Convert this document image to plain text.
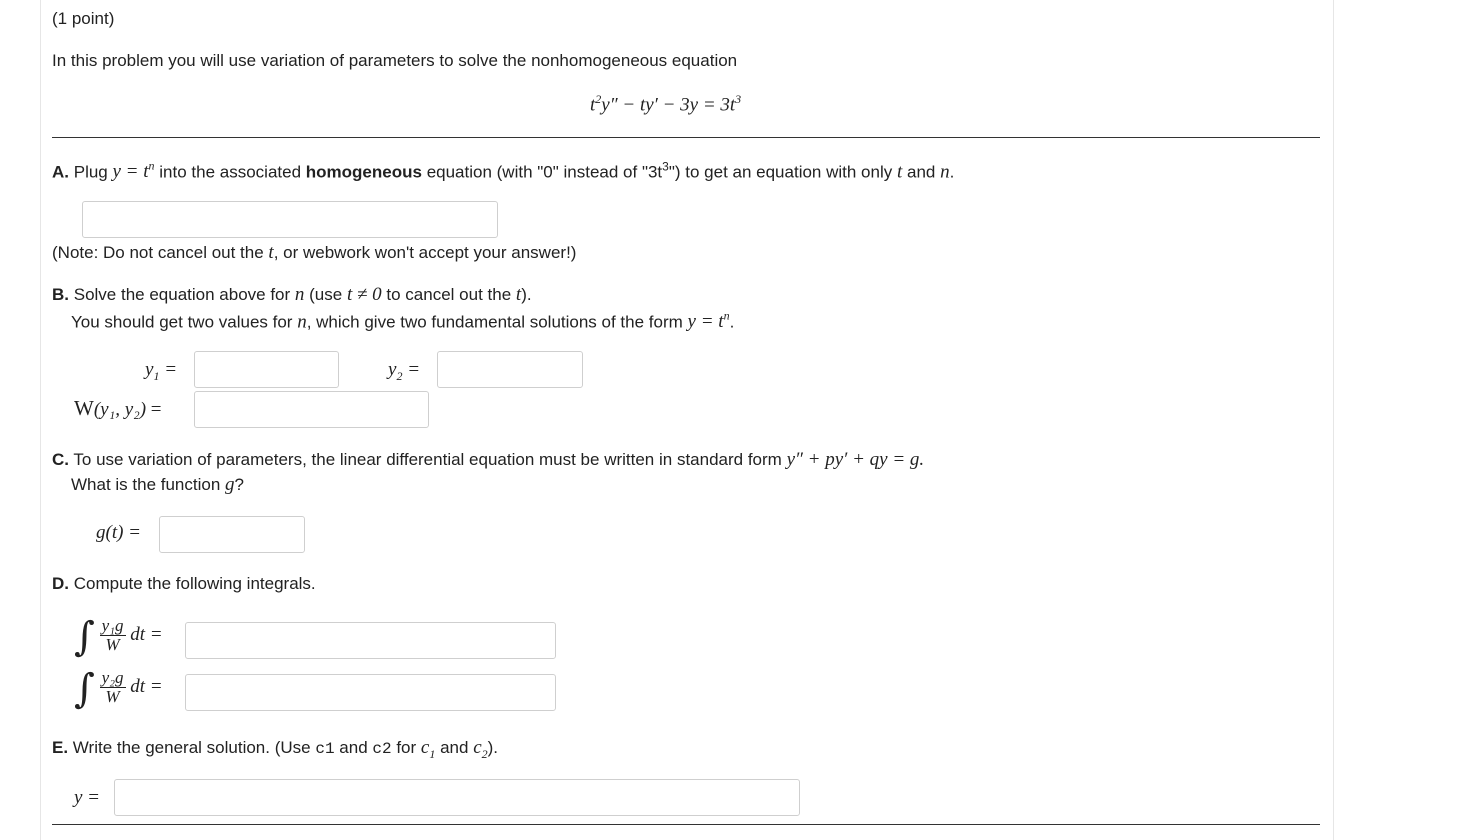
(1 point)
In this problem you will use variation of parameters to solve the nonhomogeneous equation
$t^2y'' - ty' - 3y = 3t^3$
A. Plug $y = t^n$ into the associated homogeneous equation (with "0" instead of "$3t^3$") to get an equation with only t and n.
(Note: Do not cancel out the t, or webwork won't accept your answer!)
B. Solve the equation above for n (use t ≠ 0 to cancel out the t).
You should get two values for n, which give two fundamental solutions of the form $y = t^n$.
$y_1$ =	$y_2$ =
W(y₁, y₂) =
C. To use variation of parameters, the linear differential equation must be written in standard form y″ + py′ + qy = g.
What is the function g?
g(t) =
D. Compute the following integrals.
∫ $\frac{\text{y₁g}}{W}$ dt =
∫ $\frac{\text{y₂g}}{W}$ dt =
E. Write the general solution. (Use c1 and c2 for $c_1$ and $c_2$).
y =
